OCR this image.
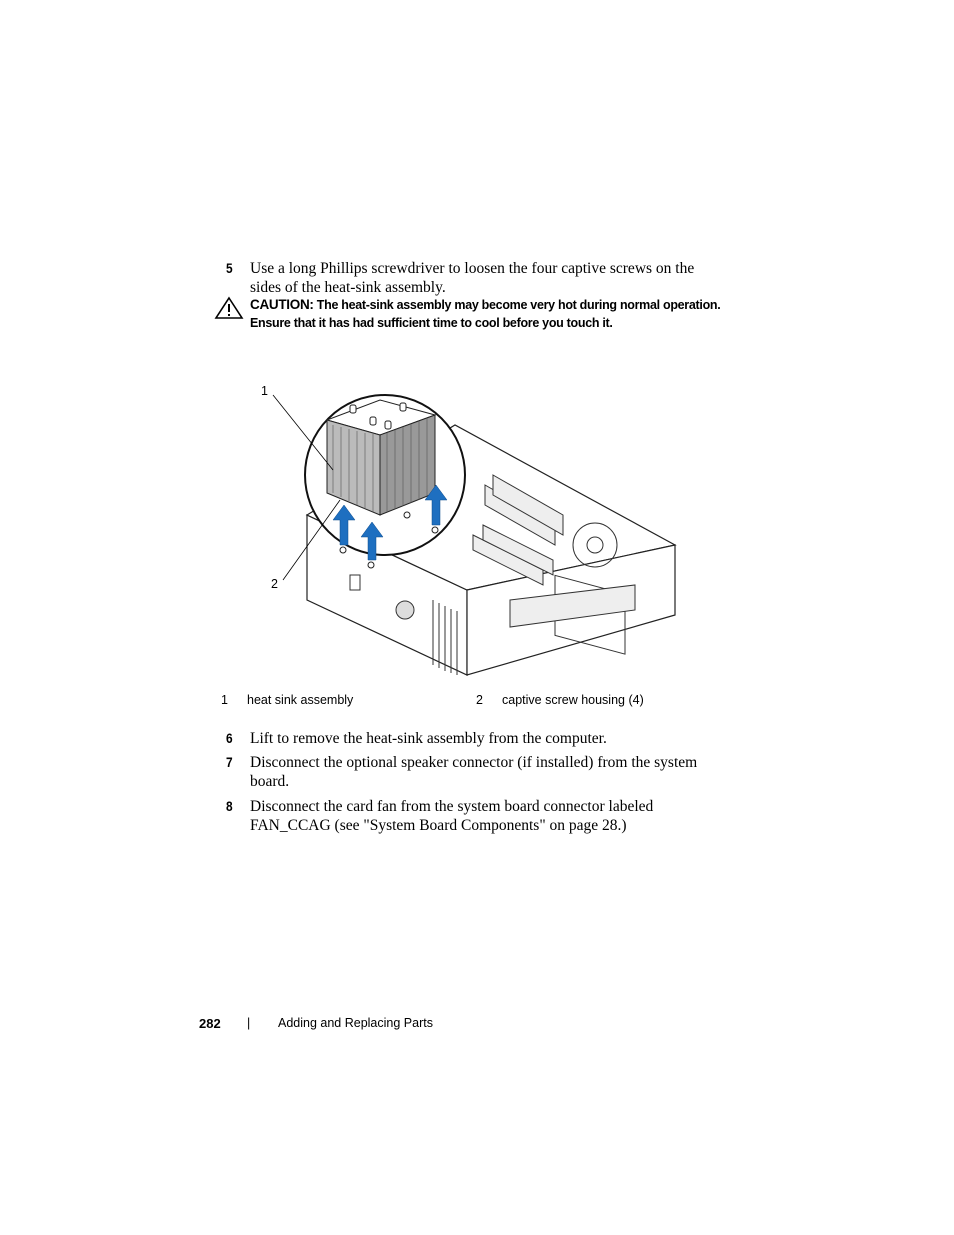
5 Use a long Phillips screwdriver to loosen the four captive screws on the sides of the heat-sink assembly.
CAUTION: The heat-sink assembly may become very hot during normal operation. Ensure that it has had sufficient time to cool before you touch it.
1
2
1 heat sink assembly	2 captive screw housing (4)
6 Lift to remove the heat-sink assembly from the computer.
7 Disconnect the optional speaker connector (if installed) from the system board.
8 Disconnect the card fan from the system board connector labeled FAN_CCAG (see "System Board Components" on page 28.)
282 | Adding and Replacing Parts
